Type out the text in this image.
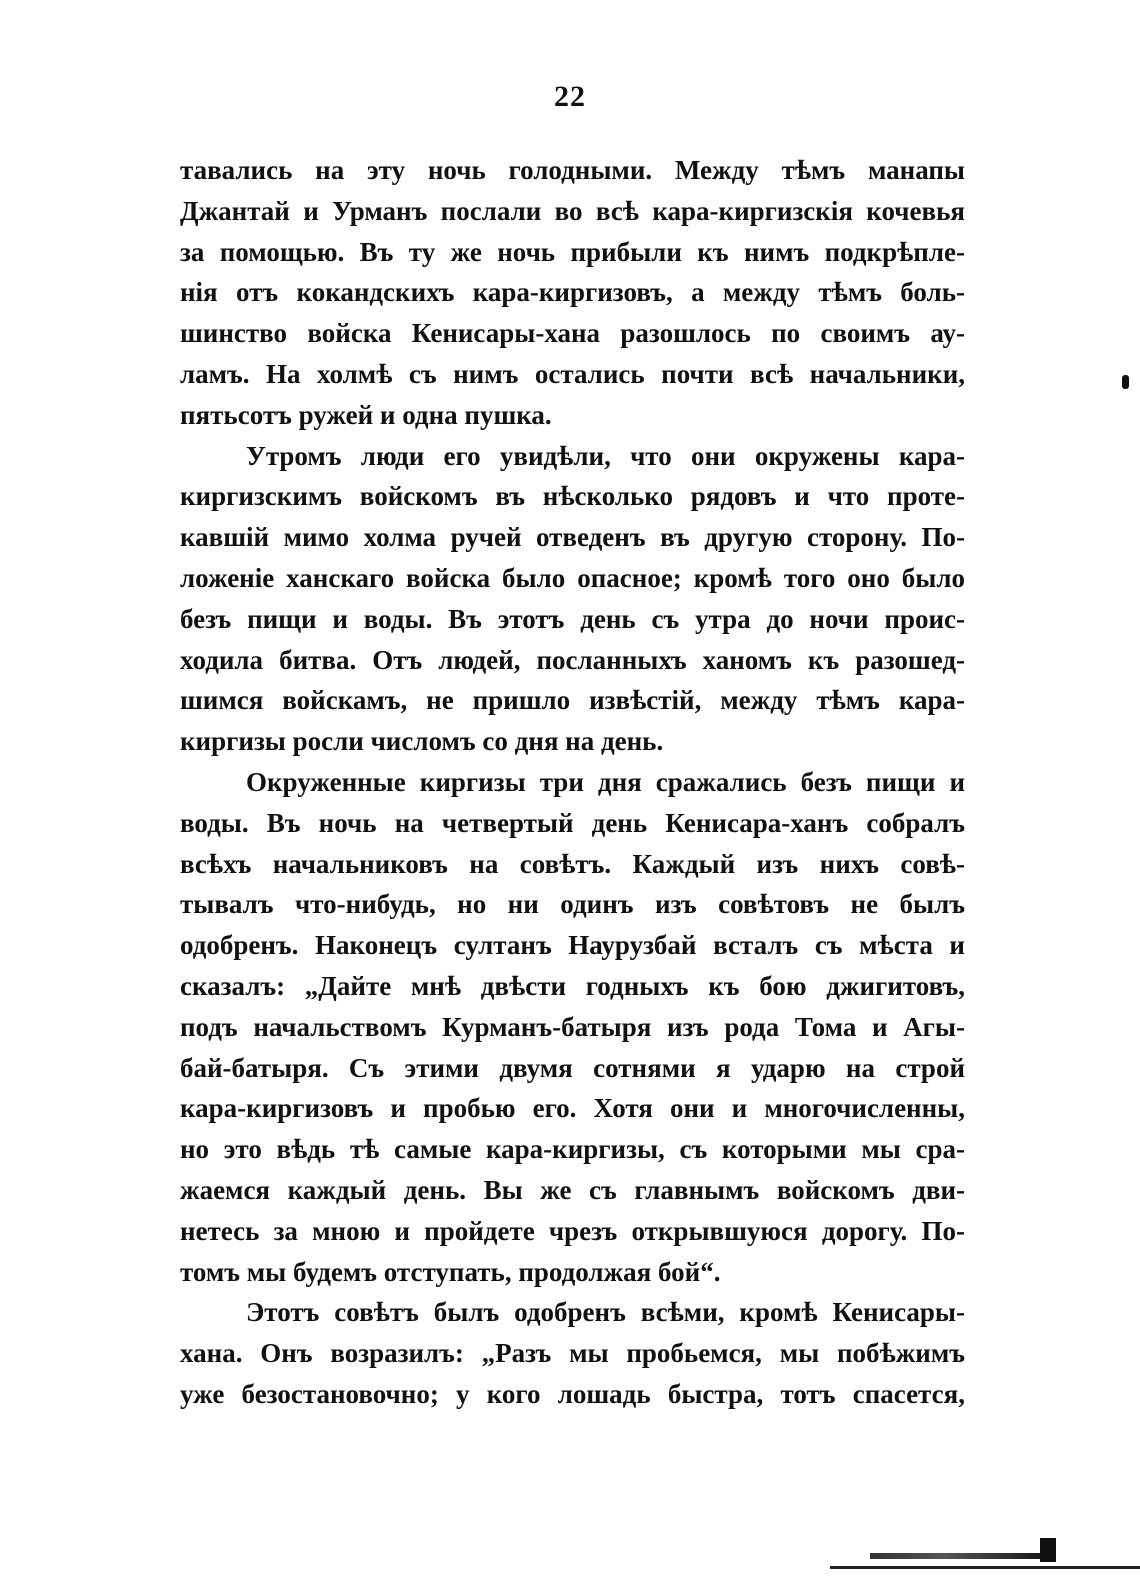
22
тавались на эту ночь голодными. Между тѣмъ манапы
Джантай и Урманъ послали во всѣ кара-киргизскія кочевья
за помощью. Въ ту же ночь прибыли къ нимъ подкрѣпле-
нія отъ кокандскихъ кара-киргизовъ, а между тѣмъ боль-
шинство войска Кенисары-хана разошлось по своимъ ау-
ламъ. На холмѣ съ нимъ остались почти всѣ начальники,
пятьсотъ ружей и одна пушка.
Утромъ люди его увидѣли, что они окружены кара-
киргизскимъ войскомъ въ нѣсколько рядовъ и что проте-
кавшій мимо холма ручей отведенъ въ другую сторону. По-
ложеніе ханскаго войска было опасное; кромѣ того оно было
безъ пищи и воды. Въ этотъ день съ утра до ночи проис-
ходила битва. Отъ людей, посланныхъ ханомъ къ разошед-
шимся войскамъ, не пришло извѣстій, между тѣмъ кара-
киргизы росли числомъ со дня на день.
Окруженные киргизы три дня сражались безъ пищи и
воды. Въ ночь на четвертый день Кенисара-ханъ собралъ
всѣхъ начальниковъ на совѣтъ. Каждый изъ нихъ совѣ-
тывалъ что-нибудь, но ни одинъ изъ совѣтовъ не былъ
одобренъ. Наконецъ султанъ Наурузбай всталъ съ мѣста и
сказалъ: „Дайте мнѣ двѣсти годныхъ къ бою джигитовъ,
подъ начальствомъ Курманъ-батыря изъ рода Тома и Агы-
бай-батыря. Съ этими двумя сотнями я ударю на строй
кара-киргизовъ и пробью его. Хотя они и многочисленны,
но это вѣдь тѣ самые кара-киргизы, съ которыми мы сра-
жаемся каждый день. Вы же съ главнымъ войскомъ дви-
нетесь за мною и пройдете чрезъ открывшуюся дорогу. По-
томъ мы будемъ отступать, продолжая бой“.
Этотъ совѣтъ былъ одобренъ всѣми, кромѣ Кенисары-
хана. Онъ возразилъ: „Разъ мы пробьемся, мы побѣжимъ
уже безостановочно; у кого лошадь быстра, тотъ спасется,
